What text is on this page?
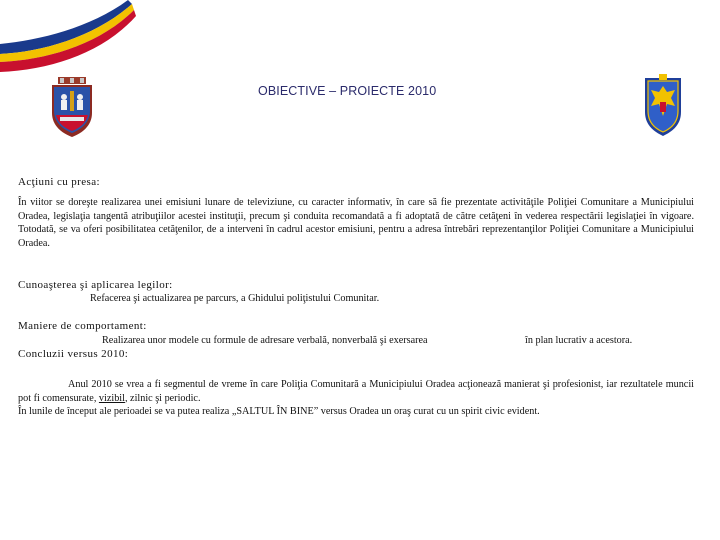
OBIECTIVE – PROIECTE 2010
Acţiuni cu presa:
În viitor se doreşte realizarea unei emisiuni lunare de televiziune, cu caracter informativ, în care să fie prezentate activităţile Poliţiei Comunitare a Municipiului Oradea, legislaţia tangentă atribuţiilor acestei instituţii, precum şi conduita recomandată a fi adoptată de către cetăţeni în vederea respectării legislaţiei în vigoare. Totodată, se va oferi posibilitatea cetăţenilor, de a interveni în cadrul acestor emisiuni, pentru a adresa întrebări reprezentanţilor Poliţiei Comunitare a Municipiului Oradea.
Cunoaşterea şi aplicarea legilor:
Refacerea şi actualizarea pe parcurs, a Ghidului poliţistului Comunitar.
Maniere de comportament:
Realizarea unor modele cu formule de adresare verbală, nonverbală şi exersarea	în plan lucrativ a acestora.
Concluzii versus 2010:
Anul 2010 se vrea a fi segmentul de vreme în care Poliţia Comunitară a Municipiului Oradea acţionează manierat şi profesionist, iar rezultatele muncii pot fi comensurate, vizibil, zilnic şi periodic.
În lunile de început ale perioadei se va putea realiza „SALTUL ÎN BINE” versus Oradea un oraş curat cu un spirit civic evident.
